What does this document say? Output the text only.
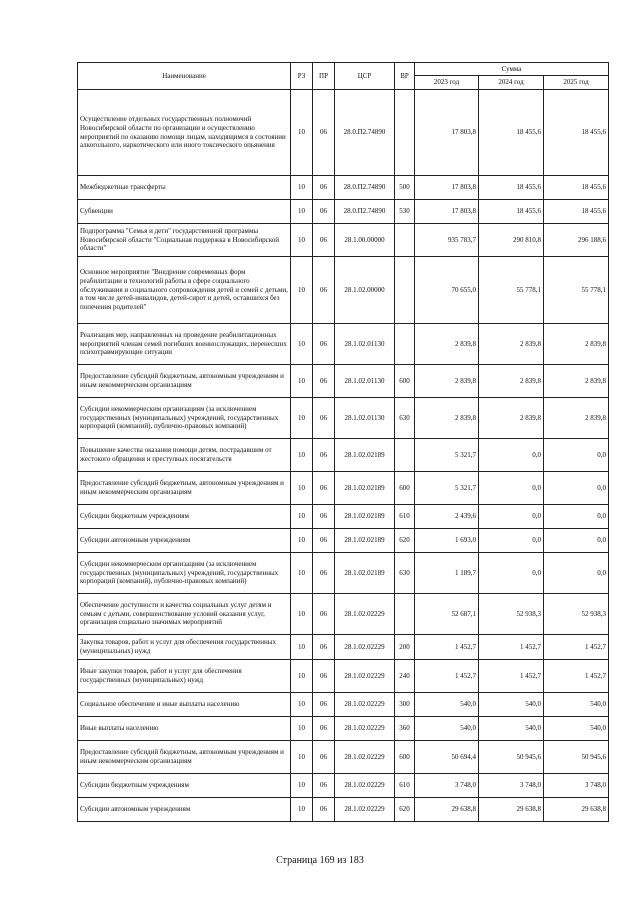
Наименование	РЗ	ПР	ЦСР	ВР	Сумма		
					2023 год	2024 год	2025 год
Осуществление отдельных государственных полномочий Новосибирской области по организации и осуществлению мероприятий по оказанию помощи лицам, находящимся в состоянии алкогольного, наркотического или иного токсического опьянения	10	06	28.0.П2.74890		17 803,8	18 455,6	18 455,6
Межбюджетные трансферты	10	06	28.0.П2.74890	500	17 803,8	18 455,6	18 455,6
Субвенции	10	06	28.0.П2.74890	530	17 803,8	18 455,6	18 455,6
Подпрограмма "Семья и дети" государственной программы Новосибирской области "Социальная поддержка в Новосибирской области"	10	06	28.1.00.00000		935 783,7	290 810,8	296 188,6
Основное мероприятие "Внедрение современных форм реабилитации и технологий работы в сфере социального обслуживания и социального сопровождения детей и семей с детьми, в том числе детей-инвалидов, детей-сирот и детей, оставшихся без попечения родителей"	10	06	28.1.02.00000		70 655,0	55 778,1	55 778,1
Реализация мер, направленных на проведение реабилитационных мероприятий членам семей погибших военнослужащих, перенесших психотравмирующие ситуации	10	06	28.1.02.01130		2 839,8	2 839,8	2 839,8
Предоставление субсидий бюджетным, автономным учреждениям и иным некоммерческим организациям	10	06	28.1.02.01130	600	2 839,8	2 839,8	2 839,8
Субсидии некоммерческим организациям (за исключением государственных (муниципальных) учреждений, государственных корпораций (компаний), публично-правовых компаний)	10	06	28.1.02.01130	630	2 839,8	2 839,8	2 839,8
Повышение качества оказания помощи детям, пострадавшим от жестокого обращения и преступных посягательств	10	06	28.1.02.02189		5 321,7	0,0	0,0
Предоставление субсидий бюджетным, автономным учреждениям и иным некоммерческим организациям	10	06	28.1.02.02189	600	5 321,7	0,0	0,0
Субсидии бюджетным учреждениям	10	06	28.1.02.02189	610	2 439,6	0,0	0,0
Субсидии автономным учреждениям	10	06	28.1.02.02189	620	1 693,0	0,0	0,0
Субсидии некоммерческим организациям (за исключением государственных (муниципальных) учреждений, государственных корпораций (компаний), публично-правовых компаний)	10	06	28.1.02.02189	630	1 189,7	0,0	0,0
Обеспечение доступности и качества социальных услуг детям и семьям с детьми, совершенствование условий оказания услуг, организация социально значимых мероприятий	10	06	28.1.02.02229		52 687,1	52 938,3	52 938,3
Закупка товаров, работ и услуг для обеспечения государственных (муниципальных) нужд	10	06	28.1.02.02229	200	1 452,7	1 452,7	1 452,7
Иные закупки товаров, работ и услуг для обеспечения государственных (муниципальных) нужд	10	06	28.1.02.02229	240	1 452,7	1 452,7	1 452,7
Социальное обеспечение и иные выплаты населению	10	06	28.1.02.02229	300	540,0	540,0	540,0
Иные выплаты населению	10	06	28.1.02.02229	360	540,0	540,0	540,0
Предоставление субсидий бюджетным, автономным учреждениям и иным некоммерческим организациям	10	06	28.1.02.02229	600	50 694,4	50 945,6	50 945,6
Субсидии бюджетным учреждениям	10	06	28.1.02.02229	610	3 748,0	3 748,0	3 748,0
Субсидии автономным учреждениям	10	06	28.1.02.02229	620	29 638,8	29 638,8	29 638,8
Страница 169 из 183
